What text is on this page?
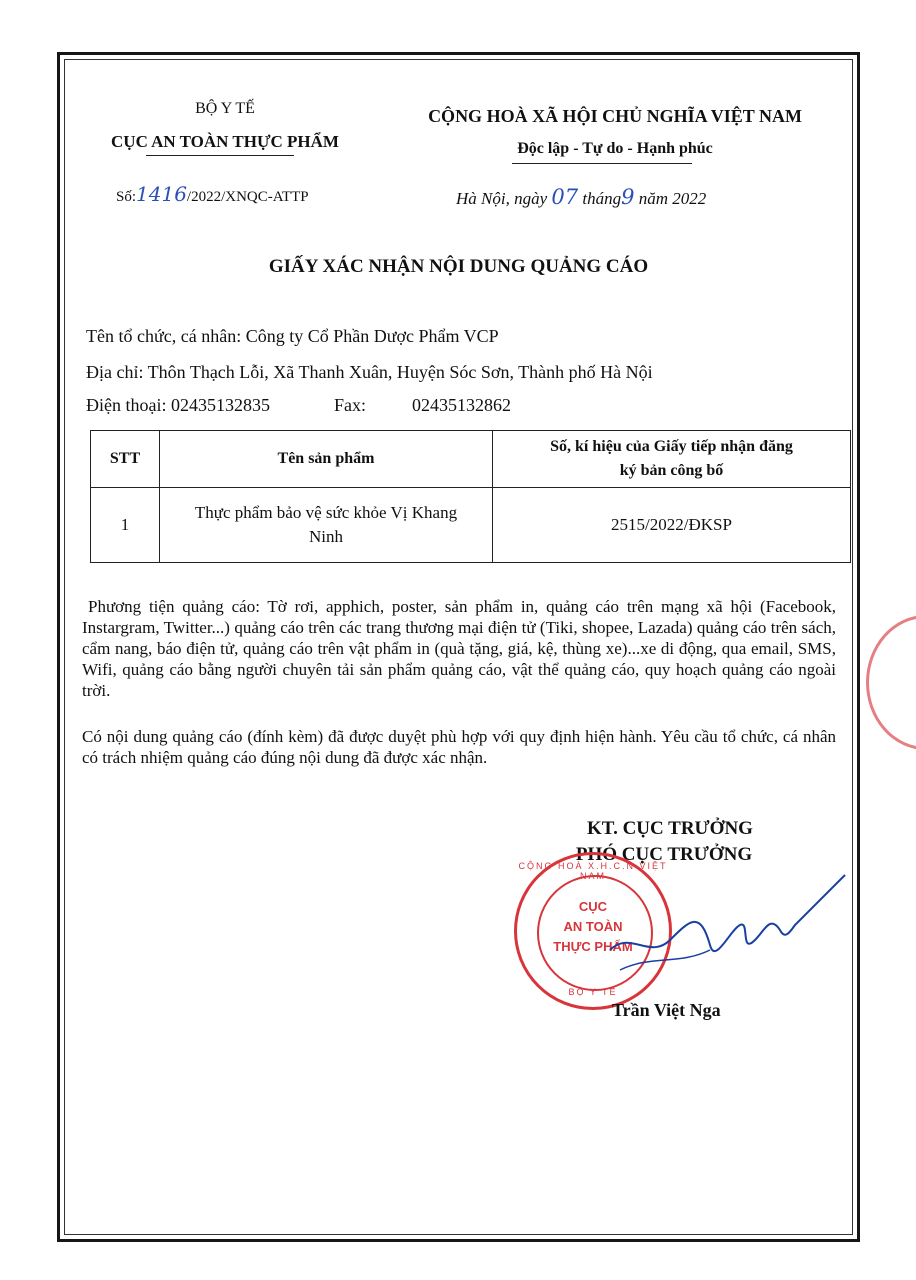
BỘ Y TẾ
CỤC AN TOÀN THỰC PHẨM
Số:1416/2022/XNQC-ATTP
CỘNG HOÀ XÃ HỘI CHỦ NGHĨA VIỆT NAM
Độc lập - Tự do - Hạnh phúc
Hà Nội, ngày 07 tháng9 năm 2022
GIẤY XÁC NHẬN NỘI DUNG QUẢNG CÁO
Tên tổ chức, cá nhân: Công ty Cổ Phần Dược Phẩm VCP
Địa chỉ: Thôn Thạch Lỗi, Xã Thanh Xuân, Huyện Sóc Sơn, Thành phố Hà Nội
Điện thoại: 02435132835	Fax:	02435132862
STT	Tên sản phẩm	Số, kí hiệu của Giấy tiếp nhận đăng ký bản công bố
1	Thực phẩm bảo vệ sức khỏe Vị Khang Ninh	2515/2022/ĐKSP
Phương tiện quảng cáo: Tờ rơi, apphich, poster, sản phẩm in, quảng cáo trên mạng xã hội (Facebook, Instargram, Twitter...) quảng cáo trên các trang thương mại điện tử (Tiki, shopee, Lazada) quảng cáo trên sách, cẩm nang, báo điện tử, quảng cáo trên vật phẩm in (quà tặng, giá, kệ, thùng xe)...xe di động, qua email, SMS, Wifi, quảng cáo bằng người chuyên tải sản phẩm quảng cáo, vật thể quảng cáo, quy hoạch quảng cáo ngoài trời.
Có nội dung quảng cáo (đính kèm) đã được duyệt phù hợp với quy định hiện hành. Yêu cầu tổ chức, cá nhân có trách nhiệm quảng cáo đúng nội dung đã được xác nhận.
KT. CỤC TRƯỞNG
PHÓ CỤC TRƯỞNG
CỘNG HOÀ X.H.C.N VIỆT NAM
CỤC
AN TOÀN
THỰC PHẨM
BỘ Y TẾ
Trần Việt Nga
